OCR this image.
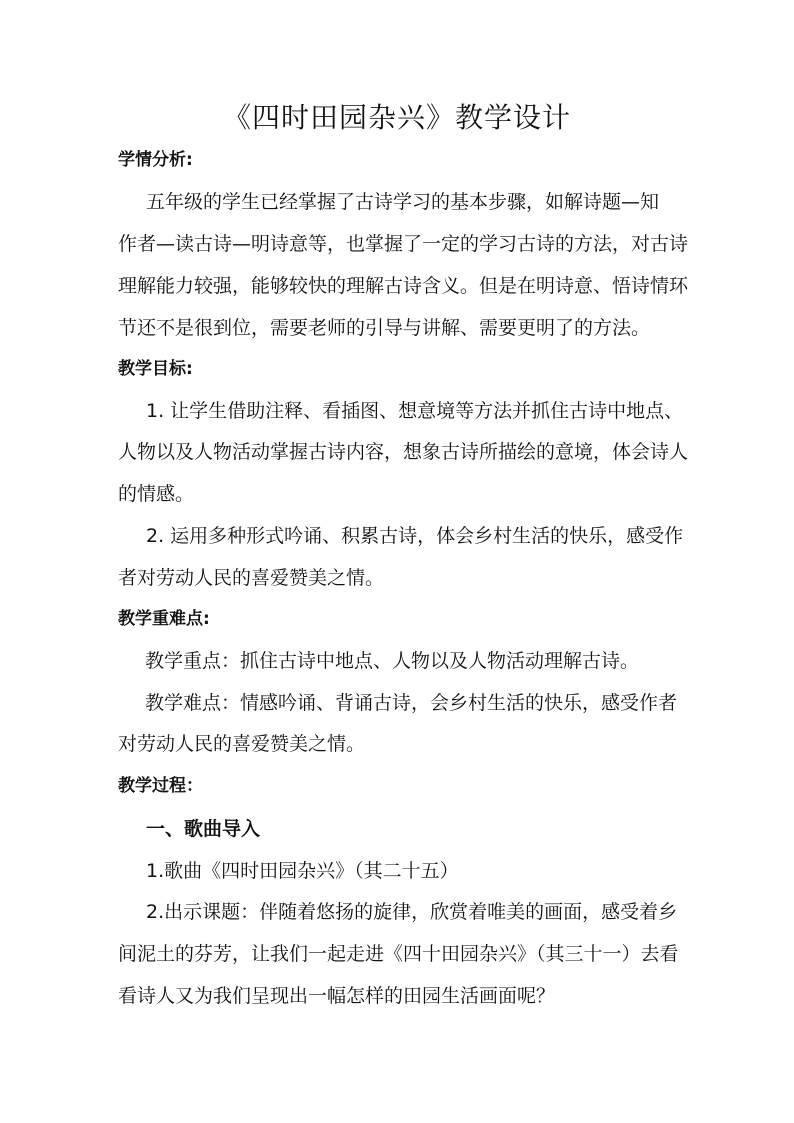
《四时田园杂兴》教学设计
学情分析:
五年级的学生已经掌握了古诗学习的基本步骤，如解诗题—知
作者—读古诗—明诗意等，也掌握了一定的学习古诗的方法，对古诗
理解能力较强，能够较快的理解古诗含义。但是在明诗意、悟诗情环
节还不是很到位，需要老师的引导与讲解、需要更明了的方法。
教学目标:
1. 让学生借助注释、看插图、想意境等方法并抓住古诗中地点、
人物以及人物活动掌握古诗内容，想象古诗所描绘的意境，体会诗人
的情感。
2. 运用多种形式吟诵、积累古诗，体会乡村生活的快乐，感受作
者对劳动人民的喜爱赞美之情。
教学重难点:
教学重点：抓住古诗中地点、人物以及人物活动理解古诗。
教学难点：情感吟诵、背诵古诗，会乡村生活的快乐，感受作者
对劳动人民的喜爱赞美之情。
教学过程：
一、歌曲导入
1.歌曲《四时田园杂兴》（其二十五）
2.出示课题：伴随着悠扬的旋律，欣赏着唯美的画面，感受着乡
间泥土的芬芳，让我们一起走进《四十田园杂兴》（其三十一）去看
看诗人又为我们呈现出一幅怎样的田园生活画面呢？
